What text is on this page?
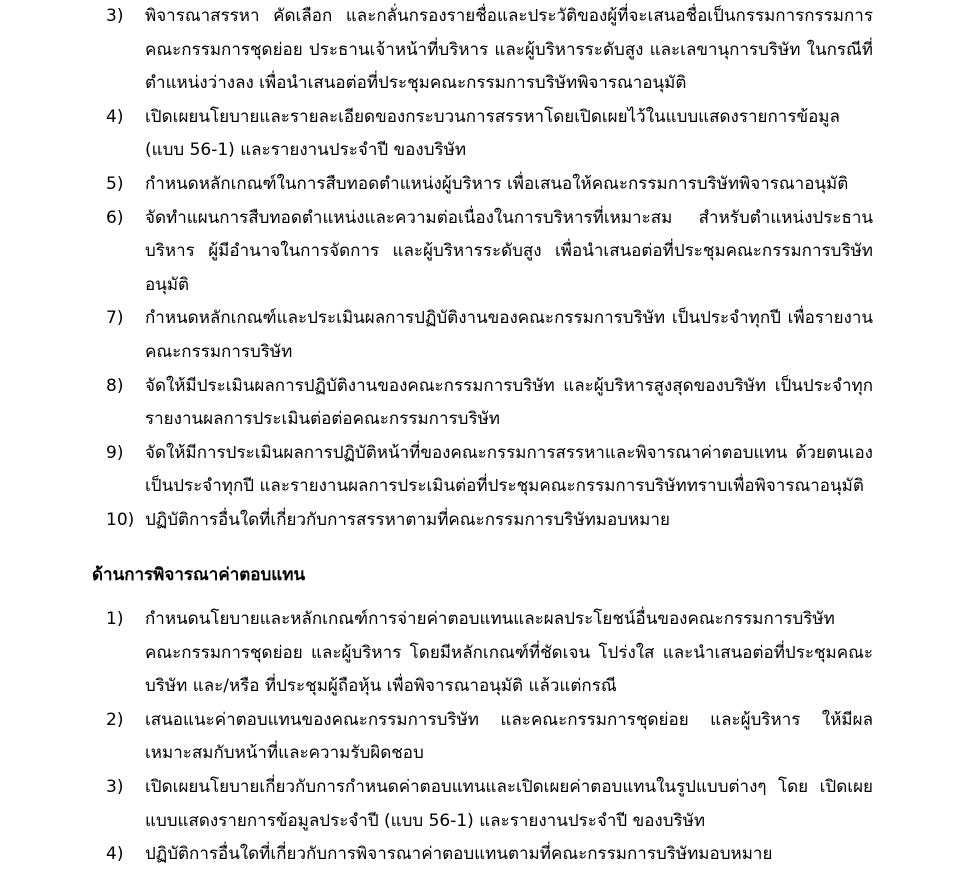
3) พิจารณาสรรหา คัดเลือก และกลั่นกรองรายชื่อและประวัติของผู้ที่จะเสนอชื่อเป็นกรรมการกรรมการ
คณะกรรมการชุดย่อย ประธานเจ้าหน้าที่บริหาร และผู้บริหารระดับสูง และเลขานุการบริษัท ในกรณีที่
ตำแหน่งว่างลง เพื่อนำเสนอต่อที่ประชุมคณะกรรมการบริษัทพิจารณาอนุมัติ
4) เปิดเผยนโยบายและรายละเอียดของกระบวนการสรรหาโดยเปิดเผยไว้ในแบบแสดงรายการข้อมูล
(แบบ 56-1) และรายงานประจำปี ของบริษัท
5) กำหนดหลักเกณฑ์ในการสืบทอดตำแหน่งผู้บริหาร เพื่อเสนอให้คณะกรรมการบริษัทพิจารณาอนุมัติ
6) จัดทำแผนการสืบทอดตำแหน่งและความต่อเนื่องในการบริหารที่เหมาะสม สำหรับตำแหน่งประธาน
บริหาร ผู้มีอำนาจในการจัดการ และผู้บริหารระดับสูง เพื่อนำเสนอต่อที่ประชุมคณะกรรมการบริษัท
อนุมัติ
7) กำหนดหลักเกณฑ์และประเมินผลการปฏิบัติงานของคณะกรรมการบริษัท เป็นประจำทุกปี เพื่อรายงาน
คณะกรรมการบริษัท
8) จัดให้มีประเมินผลการปฏิบัติงานของคณะกรรมการบริษัท และผู้บริหารสูงสุดของบริษัท เป็นประจำทุก
รายงานผลการประเมินต่อต่อคณะกรรมการบริษัท
9) จัดให้มีการประเมินผลการปฏิบัติหน้าที่ของคณะกรรมการสรรหาและพิจารณาค่าตอบแทน ด้วยตนเอง
เป็นประจำทุกปี และรายงานผลการประเมินต่อที่ประชุมคณะกรรมการบริษัททราบเพื่อพิจารณาอนุมัติ
10) ปฏิบัติการอื่นใดที่เกี่ยวกับการสรรหาตามที่คณะกรรมการบริษัทมอบหมาย
ด้านการพิจารณาค่าตอบแทน
1) กำหนดนโยบายและหลักเกณฑ์การจ่ายค่าตอบแทนและผลประโยชน์อื่นของคณะกรรมการบริษัท
คณะกรรมการชุดย่อย และผู้บริหาร โดยมีหลักเกณฑ์ที่ชัดเจน โปร่งใส และนำเสนอต่อที่ประชุมคณะ
บริษัท และ/หรือ ที่ประชุมผู้ถือหุ้น เพื่อพิจารณาอนุมัติ แล้วแต่กรณี
2) เสนอแนะค่าตอบแทนของคณะกรรมการบริษัท และคณะกรรมการชุดย่อย และผู้บริหาร ให้มีผล
เหมาะสมกับหน้าที่และความรับผิดชอบ
3) เปิดเผยนโยบายเกี่ยวกับการกำหนดค่าตอบแทนและเปิดเผยค่าตอบแทนในรูปแบบต่างๆ โดย เปิดเผย
แบบแสดงรายการข้อมูลประจำปี (แบบ 56-1) และรายงานประจำปี ของบริษัท
4) ปฏิบัติการอื่นใดที่เกี่ยวกับการพิจารณาค่าตอบแทนตามที่คณะกรรมการบริษัทมอบหมาย
